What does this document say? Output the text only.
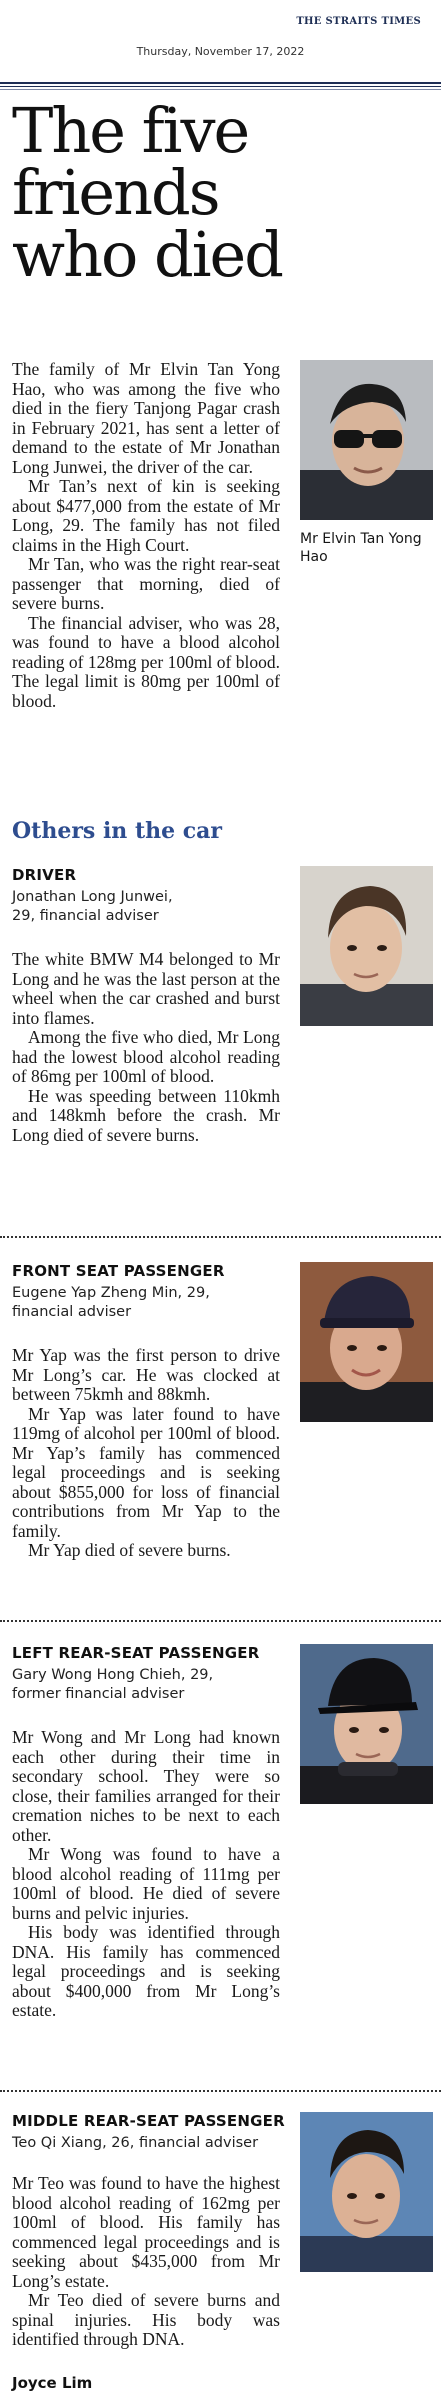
THE STRAITS TIMES
Thursday, November 17, 2022
The five friends who died

The family of Mr Elvin Tan Yong Hao, who was among the five who died in the fiery Tanjong Pagar crash in February 2021, has sent a letter of demand to the estate of Mr Jonathan Long Junwei, the driver of the car.

Mr Tan’s next of kin is seeking about $477,000 from the estate of Mr Long, 29. The family has not filed claims in the High Court.

Mr Tan, who was the right rear-seat passenger that morning, died of severe burns.

The financial adviser, who was 28, was found to have a blood alcohol reading of 128mg per 100ml of blood. The legal limit is 80mg per 100ml of blood.

Mr Elvin Tan Yong Hao
Others in the car
DRIVER
Jonathan Long Junwei, 29, financial adviser

The white BMW M4 belonged to Mr Long and he was the last person at the wheel when the car crashed and burst into flames.

Among the five who died, Mr Long had the lowest blood alcohol reading of 86mg per 100ml of blood.

He was speeding between 110kmh and 148kmh before the crash. Mr Long died of severe burns.

FRONT SEAT PASSENGER
Eugene Yap Zheng Min, 29, financial adviser

Mr Yap was the first person to drive Mr Long’s car. He was clocked at between 75kmh and 88kmh.

Mr Yap was later found to have 119mg of alcohol per 100ml of blood. Mr Yap’s family has commenced legal proceedings and is seeking about $855,000 for loss of financial contributions from Mr Yap to the family.

Mr Yap died of severe burns.

LEFT REAR-SEAT PASSENGER
Gary Wong Hong Chieh, 29, former financial adviser

Mr Wong and Mr Long had known each other during their time in secondary school. They were so close, their families arranged for their cremation niches to be next to each other.

Mr Wong was found to have a blood alcohol reading of 111mg per 100ml of blood. He died of severe burns and pelvic injuries.

His body was identified through DNA. His family has commenced legal proceedings and is seeking about $400,000 from Mr Long’s estate.

MIDDLE REAR-SEAT PASSENGER
Teo Qi Xiang, 26, financial adviser

Mr Teo was found to have the highest blood alcohol reading of 162mg per 100ml of blood. His family has commenced legal proceedings and is seeking about $435,000 from Mr Long’s estate.

Mr Teo died of severe burns and spinal injuries. His body was identified through DNA.

Joyce Lim
